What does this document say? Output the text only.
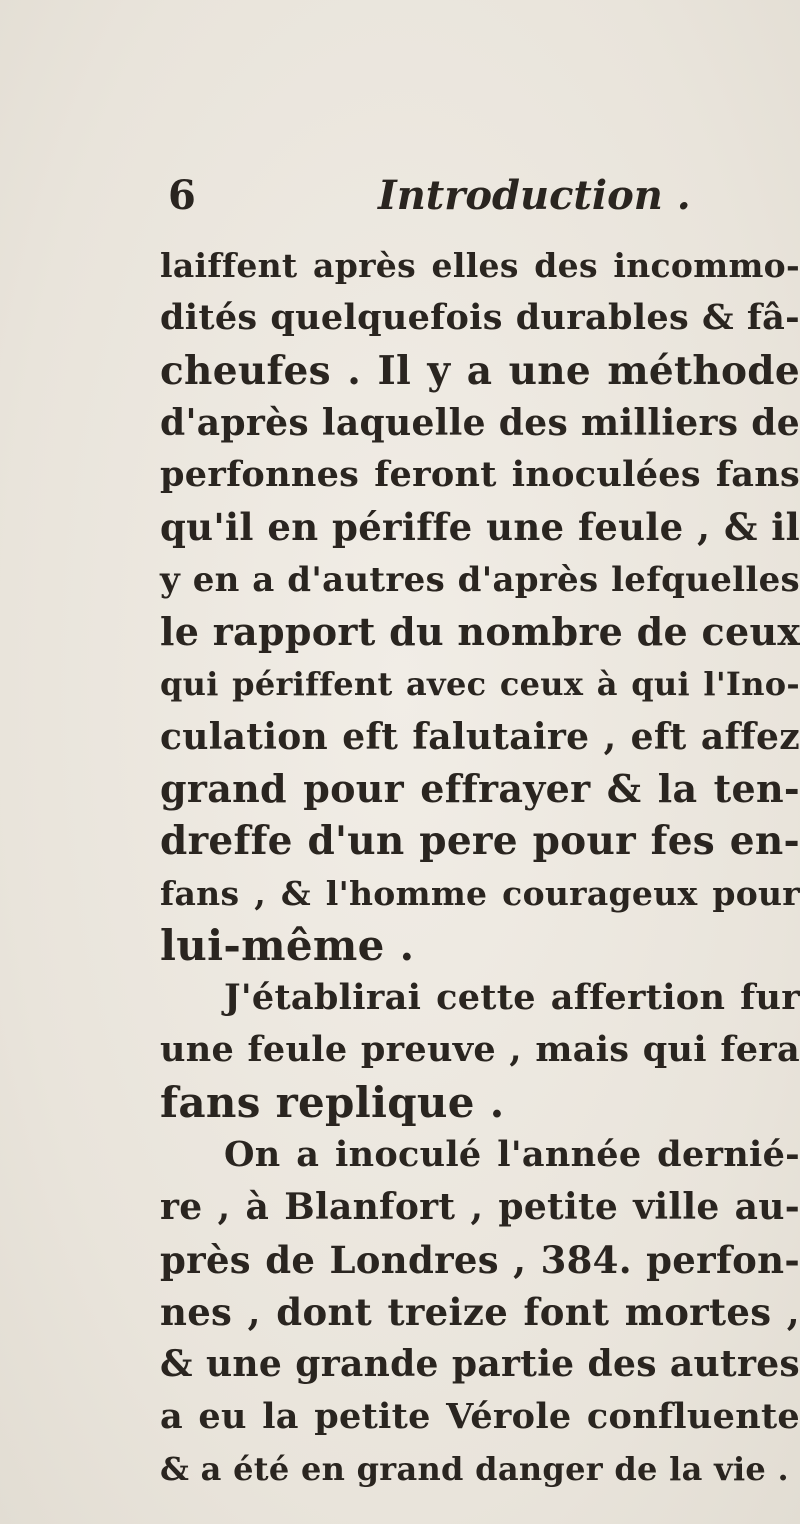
6	Introduction .
laiffent après elles des incommo-
dités quelquefois durables & fâ-
cheufes . Il y a une méthode
d'après laquelle des milliers de
perfonnes feront inoculées fans
qu'il en périffe une feule , & il
y en a d'autres d'après lefquelles
le rapport du nombre de ceux
qui périffent avec ceux à qui l'Ino-
culation eft falutaire , eft affez
grand pour effrayer & la ten-
dreffe d'un pere pour fes en-
fans , & l'homme courageux pour
lui-même .
J'établirai cette affertion fur
une feule preuve , mais qui fera
fans replique .
On a inoculé l'année dernié-
re , à Blanfort , petite ville au-
près de Londres , 384. perfon-
nes , dont treize font mortes ,
& une grande partie des autres
a eu la petite Vérole confluente
& a été en grand danger de la vie .
